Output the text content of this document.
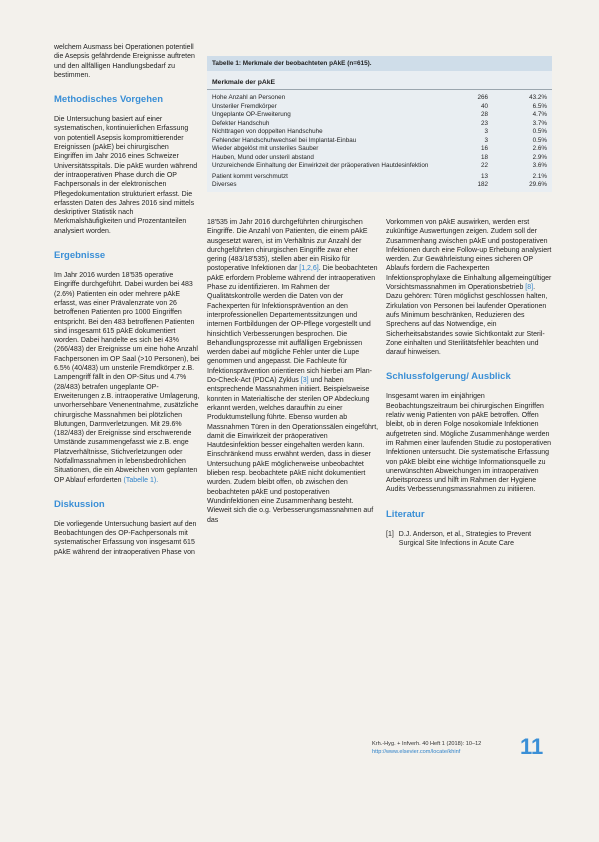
welchem Ausmass bei Operationen potentiell die Asepsis gefährdende Ereignisse auftreten und den allfälligen Handlungsbedarf zu bestimmen.

Methodisches Vorgehen

Die Untersuchung basiert auf einer systematischen, kontinuierlichen Erfassung von potentiell Asepsis kompromittierender Ereignissen (pAkE) bei chirurgischen Eingriffen im Jahr 2016 eines Schweizer Universitätsspitals. Die pAkE wurden während der intraoperativen Phase durch die OP Fachpersonals in der elektronischen Pflegedokumentation strukturiert erfasst. Die erfassten Daten des Jahres 2016 sind mittels deskriptiver Statistik nach Merkmalshäufigkeiten und Prozentanteilen analysiert worden.

Ergebnisse

Im Jahr 2016 wurden 18'535 operative Eingriffe durchgeführt. Dabei wurden bei 483 (2.6%) Patienten ein oder mehrere pAkE erfasst, was einer Prävalenzrate von 26 betroffenen Patienten pro 1000 Eingriffen entspricht. Bei den 483 betroffenen Patienten sind insgesamt 615 pAkE dokumentiert worden. Dabei handelte es sich bei 43% (266/483) der Ereignisse um eine hohe Anzahl Fachpersonen im OP Saal (>10 Personen), bei 6.5% (40/483) um unsterile Fremdkörper z.B. Lampengriff fällt in den OP-Situs und 4.7% (28/483) betrafen ungeplante OP-Erweiterungen z.B. intraoperative Umlagerung, unvorhersehbare Venenentnahme, zusätzliche chirurgische Massnahmen bei plötzlichen Blutungen, Darmverletzungen. Mit 29.6% (182/483) der Ereignisse sind erschwerende Umstände zusammengefasst wie z.B. enge Platzverhältnisse, Stichverletzungen oder Notfallmassnahmen in lebensbedrohlichen Situationen, die ein Abweichen vom geplanten OP Ablauf erforderten (Tabelle 1).

Diskussion

Die vorliegende Untersuchung basiert auf den Beobachtungen des OP-Fachpersonals mit systematischer Erfassung von insgesamt 615 pAkE während der intraoperativen Phase von

Tabelle 1: Merkmale der beobachteten pAkE (n=615).
Merkmale der pAkE
Hohe Anzahl an Personen	266	43.2%
Unsteriler Fremdkörper	40	6.5%
Ungeplante OP-Erweiterung	28	4.7%
Defekter Handschuh	23	3.7%
Nichttragen von doppelten Handschuhe	3	0.5%
Fehlender Handschuhwechsel bei Implantat-Einbau	3	0.5%
Wieder abgelöst mit unsteriles Sauber	16	2.6%
Hauben, Mund oder unsteril abstand	18	2.9%
Unzureichende Einhaltung der Einwirkzeit der präoperativen Hautdesinfektion	22	3.6%
Patient kommt verschmutzt	13	2.1%
Diverses	182	29.6%

18'535 im Jahr 2016 durchgeführten chirurgischen Eingriffe. Die Anzahl von Patienten, die einem pAkE ausgesetzt waren, ist im Verhältnis zur Anzahl der durchgeführten chirurgischen Eingriffe zwar eher gering (483/18'535), stellen aber ein Risiko für postoperative Infektionen dar [1,2,6]. Die beobachteten pAkE erfordern Probleme während der intraoperativen Phase zu identifizieren. Im Rahmen der Qualitätskontrolle werden die Daten von der Fachexperten für Infektionsprävention an den interprofessionellen Departementssitzungen und internen Fortbildungen der OP-Pflege vorgestellt und hinsichtlich Verbesserungen besprochen. Die Behandlungsprozesse mit auffälligen Ergebnissen werden dabei auf mögliche Fehler unter die Lupe genommen und angepasst. Die Fachleute für Infektionsprävention orientieren sich hierbei am Plan-Do-Check-Act (PDCA) Zyklus [3] und haben entsprechende Massnahmen initiiert. Beispielsweise konnten in Materialtische der sterilen OP Abdeckung erkannt werden, welches daraufhin zu einer Produktumstellung führte. Ebenso wurden ab Massnahmen Türen in den Operationssälen eingeführt, damit die Einwirkzeit der präoperativen Hautdesinfektion besser eingehalten werden kann. Einschränkend muss erwähnt werden, dass in dieser Untersuchung pAkE möglicherweise unbeobachtet blieben resp. beobachtete pAkE nicht dokumentiert wurden. Zudem bleibt offen, ob zwischen den beobachteten pAkE und postoperativen Wundinfektionen eine Zusammenhang besteht.
Wieweit sich die o.g. Verbesserungsmassnahmen auf das

Vorkommen von pAkE auswirken, werden erst zukünftige Auswertungen zeigen. Zudem soll der Zusammenhang zwischen pAkE und postoperativen Infektionen durch eine Follow-up Erhebung analysiert werden. Zur Gewährleistung eines sicheren OP Ablaufs fordern die Fachexperten Infektionsprophylaxe die Einhaltung allgemeingültiger Vorsichtsmassnahmen im Operationsbetrieb [8]. Dazu gehören: Türen möglichst geschlossen halten, Zirkulation von Personen bei laufender Operationen aufs Minimum beschränken, Reduzieren des Sprechens auf das Notwendige, ein Sicherheitsabstandes sowie Sichtkontakt zur Steril-Zone einhalten und Sterilitätsfehler beachten und darauf hinweisen.

Schlussfolgerung/ Ausblick

Insgesamt waren im einjährigen Beobachtungszeitraum bei chirurgischen Eingriffen relativ wenig Patienten von pAkE betroffen. Offen bleibt, ob in deren Folge nosokomiale Infektionen aufgetreten sind. Mögliche Zusammenhänge werden im Rahmen einer laufenden Studie zu postoperativen Infektionen untersucht. Die systematische Erfassung von pAkE bleibt eine wichtige Informationsquelle zu unerwünschten Abweichungen im intraoperativen Arbeitsprozess und hilft im Rahmen der Hygiene Audits Verbesserungsmassnahmen zu initiieren.

Literatur
[1] D.J. Anderson, et al., Strategies to Prevent Surgical Site Infections in Acute Care
Krh.-Hyg. + Infverh. 40 Heft 1 (2018): 10–12
http://www.elsevier.com/locate/khinf	11
